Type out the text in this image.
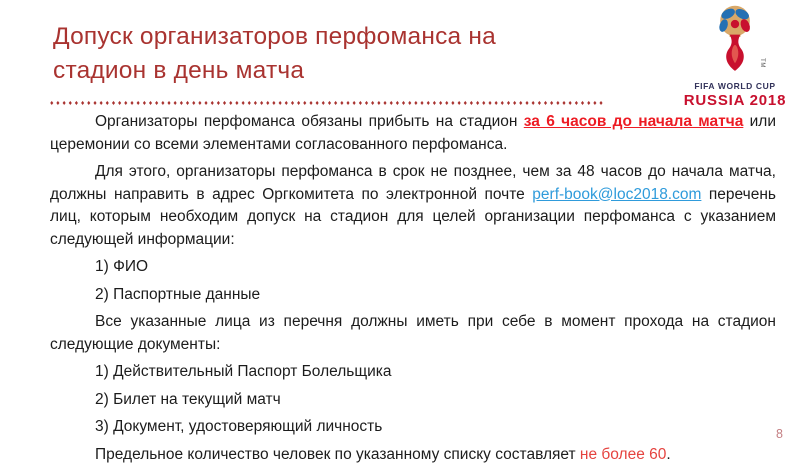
Допуск организаторов перфоманса на
стадион в день матча	TM
FIFA WORLD CUP
RUSSIA 2018
♦♦♦♦♦♦♦♦♦♦♦♦♦♦♦♦♦♦♦♦♦♦♦♦♦♦♦♦♦♦♦♦♦♦♦♦♦♦♦♦♦♦♦♦♦♦♦♦♦♦♦♦♦♦♦♦♦♦♦♦♦♦♦♦♦♦♦♦♦♦♦♦♦♦♦♦♦♦♦♦♦♦♦♦♦♦♦♦♦♦
Организаторы перфоманса обязаны прибыть на стадион за 6 часов до начала матча или церемонии со всеми элементами согласованного перфоманса.
Для этого, организаторы перфоманса в срок не позднее, чем за 48 часов до начала матча, должны направить в адрес Оргкомитета по электронной почте perf-book@loc2018.com перечень лиц, которым необходим допуск на стадион для целей организации перфоманса с указанием следующей информации:
1) ФИО
2) Паспортные данные
Все указанные лица из перечня должны иметь при себе в момент прохода на стадион следующие документы:
1) Действительный Паспорт Болельщика
2) Билет на текущий матч
3) Документ, удостоверяющий личность
Предельное количество человек по указанному списку составляет не более 60.
8
